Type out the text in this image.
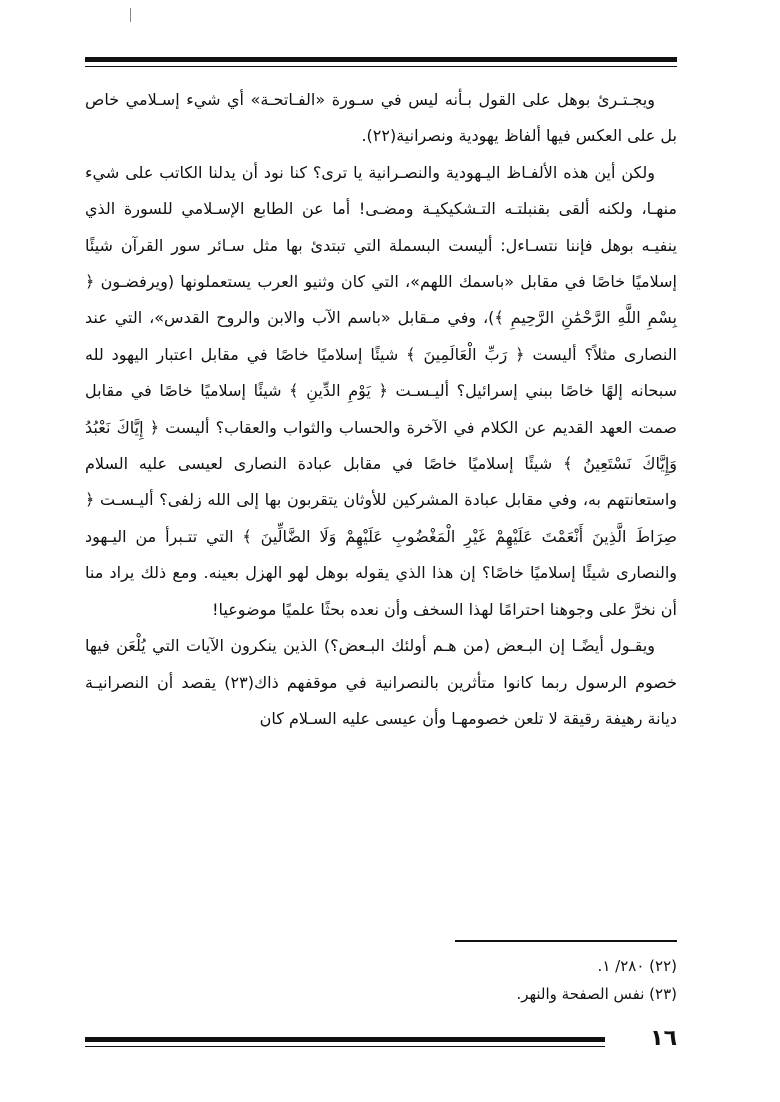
ويجـتـرئ بوهل على القول بـأنه ليس في سـورة «الفـاتحـة» أي شيء إسـلامي خاص بل على العكس فيها ألفاظ يهودية ونصرانية(٢٢).

ولكن أين هذه الألفـاظ اليـهودية والنصـرانية يا ترى؟ كنا نود أن يدلنا الكاتب على شيء منهـا، ولكنه ألقى بقنبلتـه التـشكيكيـة ومضـى! أما عن الطابع الإسـلامي للسورة الذي ينفيـه بوهل فإننا نتسـاءل: أليست البسملة التي تبتدئ بها مثل سـائر سور القرآن شيئًا إسلاميًا خاصًا في مقابل «باسمك اللهم»، التي كان وثنيو العرب يستعملونها (ويرفضـون ﴿ بِسْمِ اللَّهِ الرَّحْمَٰنِ الرَّحِيمِ ﴾)، وفي مـقابل «باسم الآب والابن والروح القدس»، التي عند النصارى مثلاً؟ أليست ﴿ رَبِّ الْعَالَمِينَ ﴾ شيئًا إسلاميًا خاصًا في مقابل اعتبار اليهود لله سبحانه إلهًا خاصًا ببني إسرائيل؟ أليـسـت ﴿ يَوْمِ الدِّينِ ﴾ شيئًا إسلاميًا خاصًا في مقابل صمت العهد القديم عن الكلام في الآخرة والحساب والثواب والعقاب؟ أليست ﴿ إِيَّاكَ نَعْبُدُ وَإِيَّاكَ نَسْتَعِينُ ﴾ شيئًا إسلاميًا خاصًا في مقابل عبادة النصارى لعيسى عليه السلام واستعانتهم به، وفي مقابل عبادة المشركين للأوثان يتقربون بها إلى الله زلفى؟ أليـسـت ﴿ صِرَاطَ الَّذِينَ أَنْعَمْتَ عَلَيْهِمْ غَيْرِ الْمَغْضُوبِ عَلَيْهِمْ وَلَا الضَّالِّينَ ﴾ التي تتـبرأ من اليـهود والنصارى شيئًا إسلاميًا خاصًا؟ إن هذا الذي يقوله بوهل لهو الهزل بعينه. ومع ذلك يراد منا أن نخرَّ على وجوهنا احترامًا لهذا السخف وأن نعده بحثًا علميًا موضوعيا!

ويقـول أيضًـا إن البـعض (من هـم أولئك البـعض؟) الذين ينكرون الآيات التي يُلْعَن فيها خصوم الرسول ربما كانوا متأثرين بالنصرانية في موقفهم ذاك(٢٣) يقصد أن النصرانيـة ديانة رهيفة رقيقة لا تلعن خصومهـا وأن عيسى عليه السـلام كان

(٢٢) ٢٨٠/ ١.

(٢٣) نفس الصفحة والنهر.

١٦
